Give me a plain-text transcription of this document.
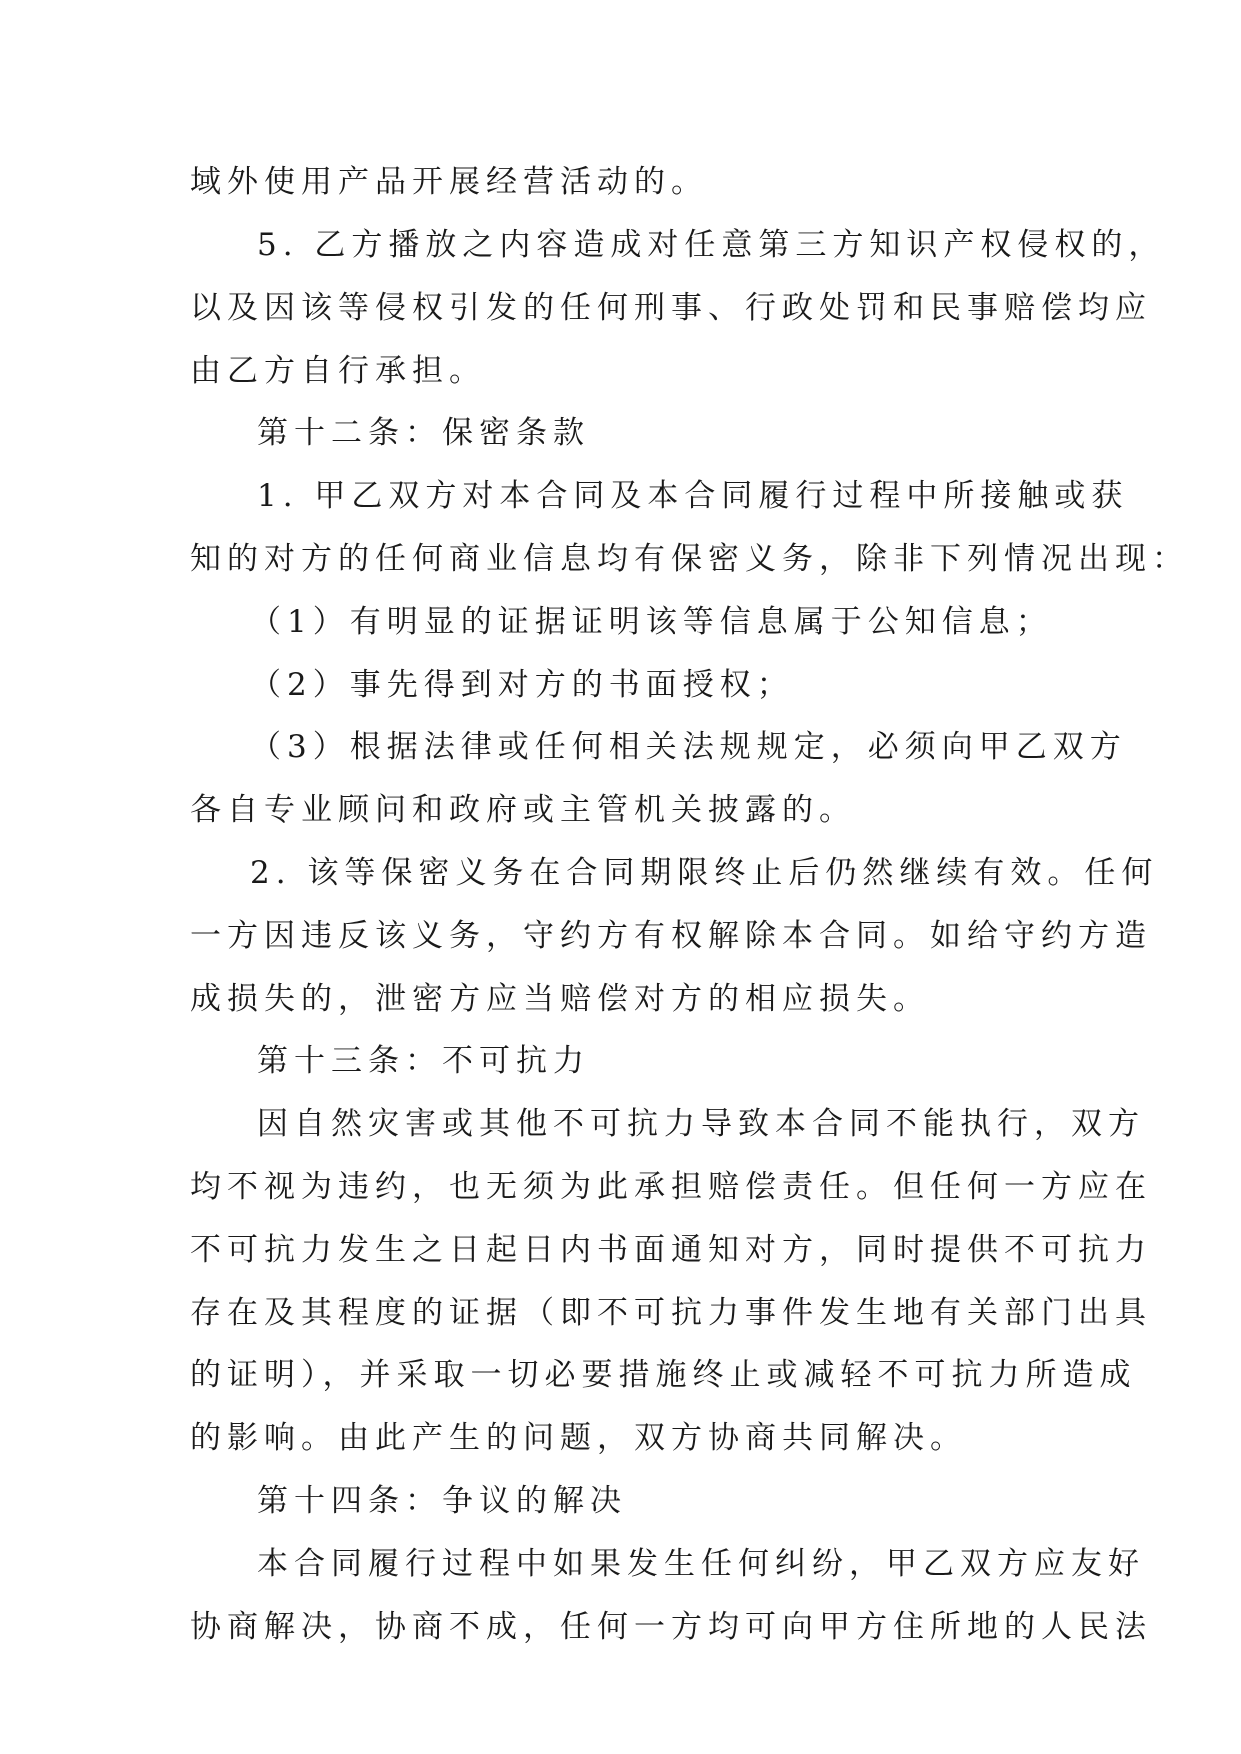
域外使用产品开展经营活动的。
5. 乙方播放之内容造成对任意第三方知识产权侵权的，
以及因该等侵权引发的任何刑事、行政处罚和民事赔偿均应
由乙方自行承担。
第十二条：保密条款
1. 甲乙双方对本合同及本合同履行过程中所接触或获
知的对方的任何商业信息均有保密义务，除非下列情况出现：
（1）有明显的证据证明该等信息属于公知信息；
（2）事先得到对方的书面授权；
（3）根据法律或任何相关法规规定，必须向甲乙双方
各自专业顾问和政府或主管机关披露的。
2. 该等保密义务在合同期限终止后仍然继续有效。任何
一方因违反该义务，守约方有权解除本合同。如给守约方造
成损失的，泄密方应当赔偿对方的相应损失。
第十三条：不可抗力
因自然灾害或其他不可抗力导致本合同不能执行，双方
均不视为违约，也无须为此承担赔偿责任。但任何一方应在
不可抗力发生之日起日内书面通知对方，同时提供不可抗力
存在及其程度的证据（即不可抗力事件发生地有关部门出具
的证明），并采取一切必要措施终止或减轻不可抗力所造成
的影响。由此产生的问题，双方协商共同解决。
第十四条：争议的解决
本合同履行过程中如果发生任何纠纷，甲乙双方应友好
协商解决，协商不成，任何一方均可向甲方住所地的人民法
